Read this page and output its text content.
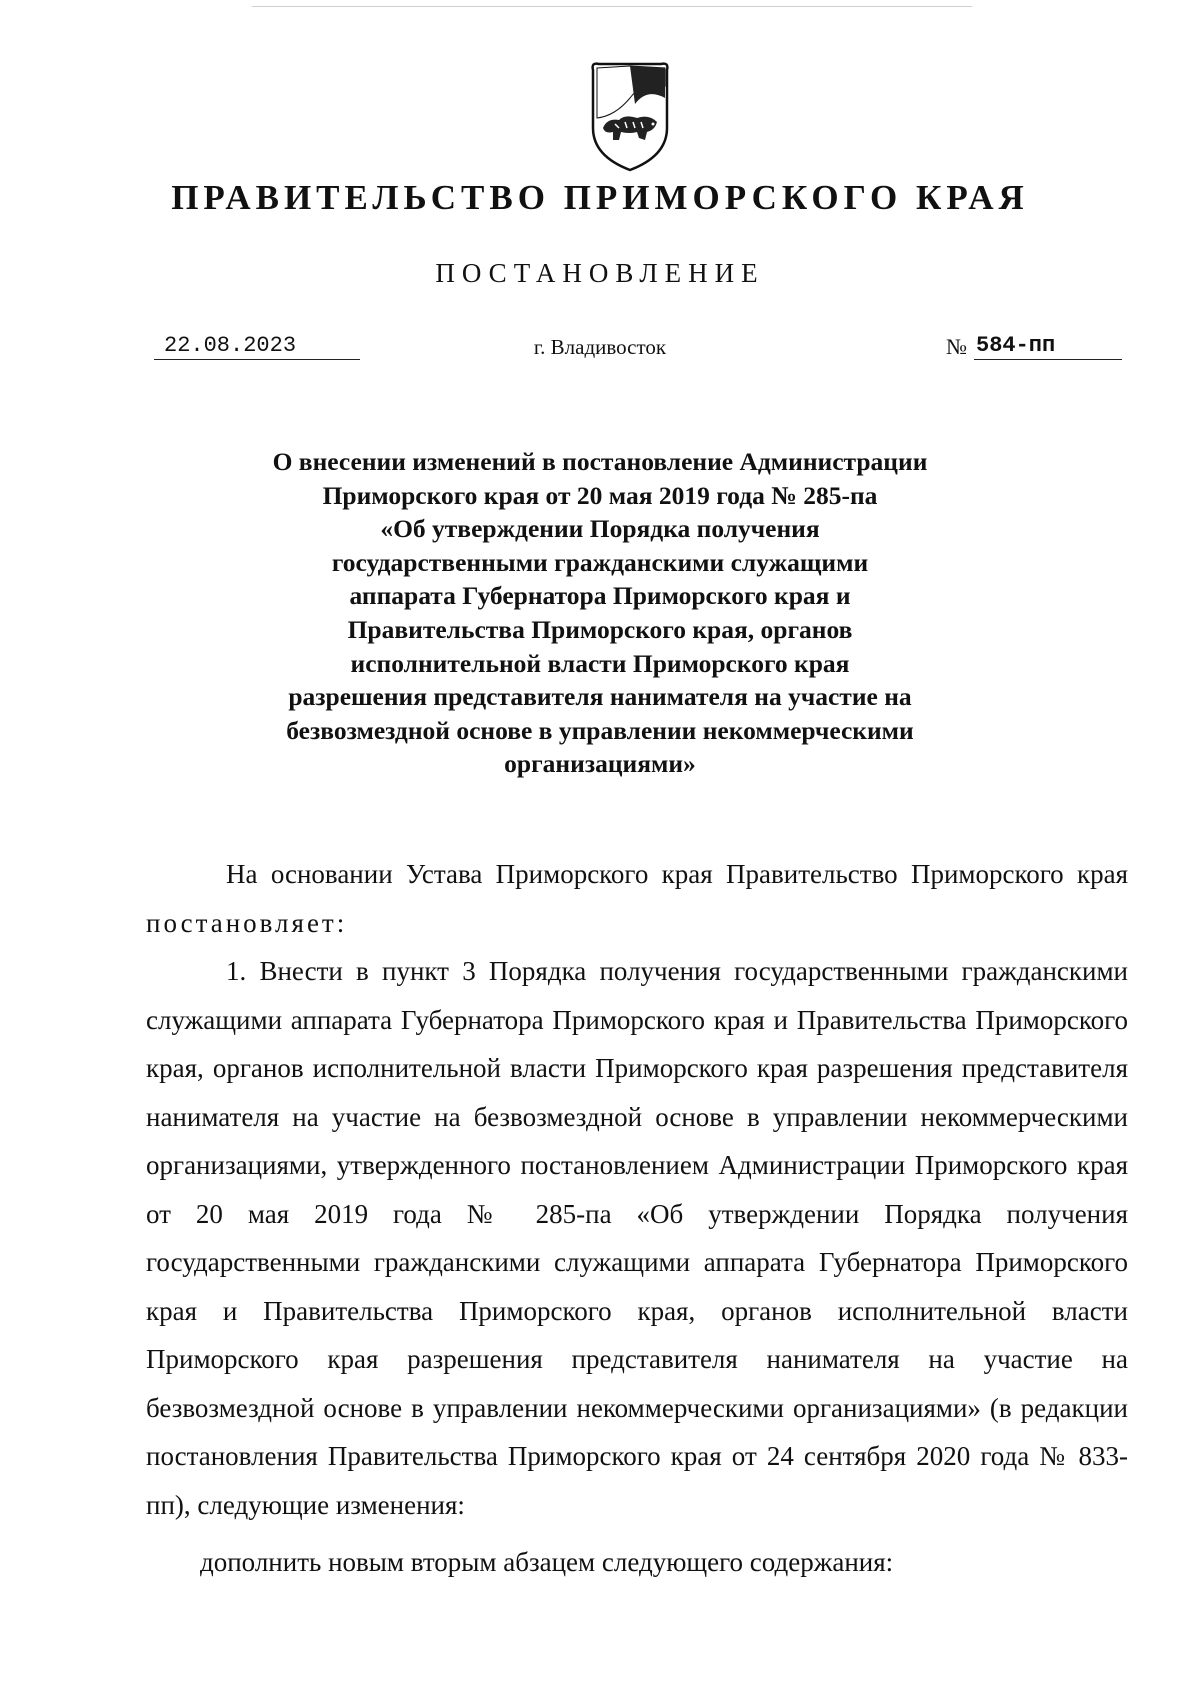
ПРАВИТЕЛЬСТВО ПРИМОРСКОГО КРАЯ
ПОСТАНОВЛЕНИЕ
22.08.2023	г. Владивосток	№ 584-пп
О внесении изменений в постановление Администрации
Приморского края от 20 мая 2019 года № 285-па
«Об утверждении Порядка получения
государственными гражданскими служащими
аппарата Губернатора Приморского края и
Правительства Приморского края, органов
исполнительной власти Приморского края
разрешения представителя нанимателя на участие на
безвозмездной основе в управлении некоммерческими
организациями»

На основании Устава Приморского края Правительство Приморского края постановляет:

1. Внести в пункт 3 Порядка получения государственными гражданскими служащими аппарата Губернатора Приморского края и Правительства Приморского края, органов исполнительной власти Приморского края разрешения представителя нанимателя на участие на безвозмездной основе в управлении некоммерческими организациями, утвержденного постановлением Администрации Приморского края от 20 мая 2019 года № 285-па «Об утверждении Порядка получения государственными гражданскими служащими аппарата Губернатора Приморского края и Правительства Приморского края, органов исполнительной власти Приморского края разрешения представителя нанимателя на участие на безвозмездной основе в управлении некоммерческими организациями» (в редакции постановления Правительства Приморского края от 24 сентября 2020 года № 833-пп), следующие изменения:

дополнить новым вторым абзацем следующего содержания:
